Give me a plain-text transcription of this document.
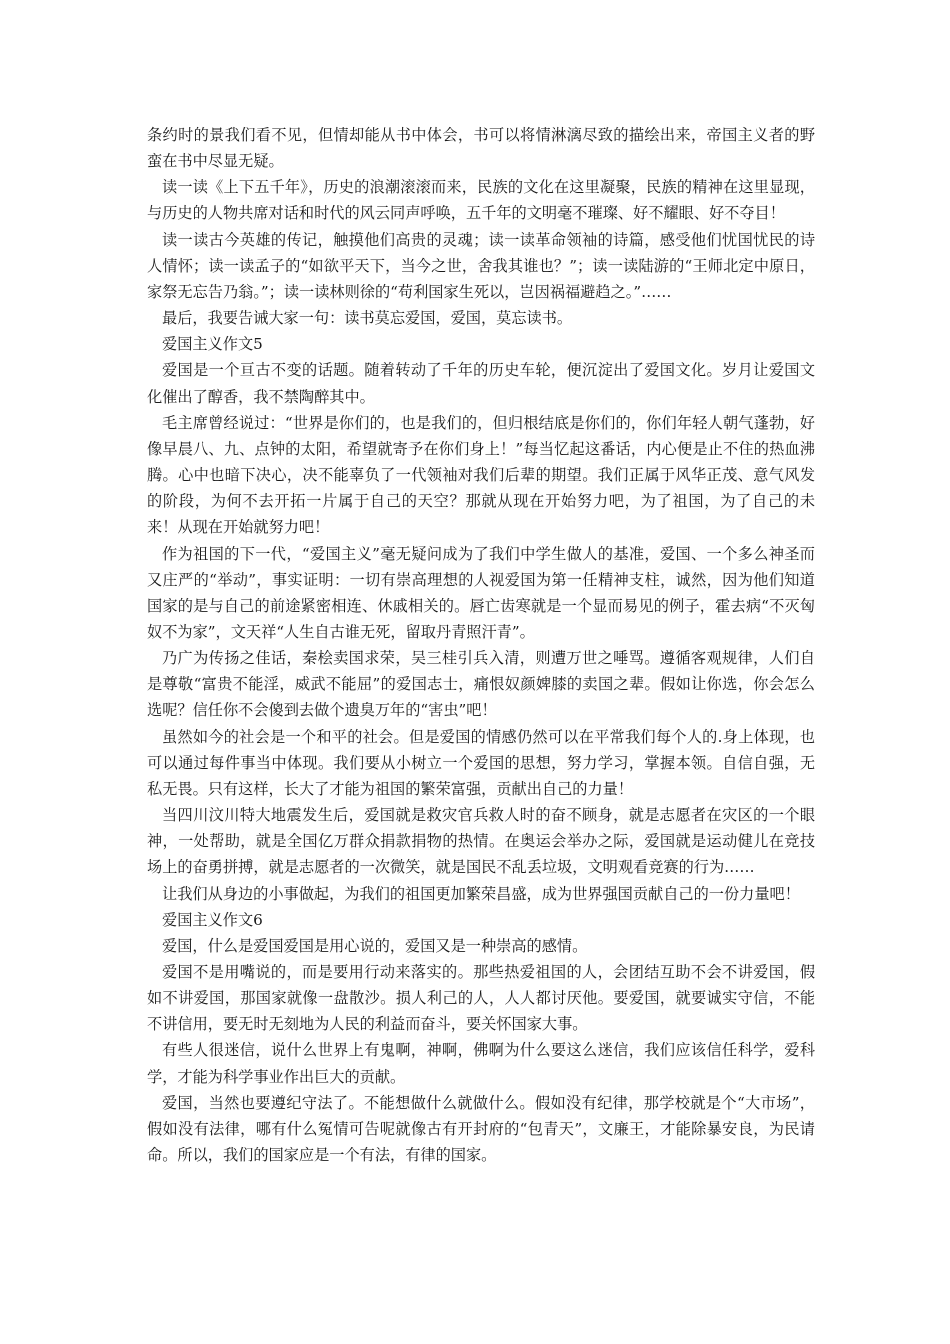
条约时的景我们看不见，但情却能从书中体会，书可以将情淋漓尽致的描绘出来，帝国主义者的野蛮在书中尽显无疑。

读一读《上下五千年》，历史的浪潮滚滚而来，民族的文化在这里凝聚，民族的精神在这里显现，与历史的人物共席对话和时代的风云同声呼唤，五千年的文明毫不璀璨、好不耀眼、好不夺目！

读一读古今英雄的传记，触摸他们高贵的灵魂；读一读革命领袖的诗篇，感受他们忧国忧民的诗人情怀；读一读孟子的“如欲平天下，当今之世，舍我其谁也？”；读一读陆游的“王师北定中原日，家祭无忘告乃翁。”；读一读林则徐的“苟利国家生死以，岂因祸福避趋之。”……

最后，我要告诫大家一句：读书莫忘爱国，爱国，莫忘读书。

爱国主义作文5

爱国是一个亘古不变的话题。随着转动了千年的历史车轮，便沉淀出了爱国文化。岁月让爱国文化催出了醇香，我不禁陶醉其中。

毛主席曾经说过：“世界是你们的，也是我们的，但归根结底是你们的，你们年轻人朝气蓬勃，好像早晨八、九、点钟的太阳，希望就寄予在你们身上！”每当忆起这番话，内心便是止不住的热血沸腾。心中也暗下决心，决不能辜负了一代领袖对我们后辈的期望。我们正属于风华正茂、意气风发的阶段，为何不去开拓一片属于自己的天空？那就从现在开始努力吧，为了祖国，为了自己的未来！从现在开始就努力吧！

作为祖国的下一代，“爱国主义”毫无疑问成为了我们中学生做人的基准，爱国、一个多么神圣而又庄严的“举动”，事实证明：一切有崇高理想的人视爱国为第一任精神支柱，诚然，因为他们知道国家的是与自己的前途紧密相连、休戚相关的。唇亡齿寒就是一个显而易见的例子，霍去病“不灭匈奴不为家”，文天祥“人生自古谁无死，留取丹青照汗青”。

乃广为传扬之佳话，秦桧卖国求荣，吴三桂引兵入清，则遭万世之唾骂。遵循客观规律，人们自是尊敬“富贵不能淫，威武不能屈”的爱国志士，痛恨奴颜婢膝的卖国之辈。假如让你选，你会怎么选呢？信任你不会傻到去做个遗臭万年的“害虫”吧！

虽然如今的社会是一个和平的社会。但是爱国的情感仍然可以在平常我们每个人的.身上体现，也可以通过每件事当中体现。我们要从小树立一个爱国的思想，努力学习，掌握本领。自信自强，无私无畏。只有这样，长大了才能为祖国的繁荣富强，贡献出自己的力量！

当四川汶川特大地震发生后，爱国就是救灾官兵救人时的奋不顾身，就是志愿者在灾区的一个眼神，一处帮助，就是全国亿万群众捐款捐物的热情。在奥运会举办之际，爱国就是运动健儿在竞技场上的奋勇拼搏，就是志愿者的一次微笑，就是国民不乱丢垃圾，文明观看竞赛的行为……

让我们从身边的小事做起，为我们的祖国更加繁荣昌盛，成为世界强国贡献自己的一份力量吧！

爱国主义作文6

爱国，什么是爱国爱国是用心说的，爱国又是一种崇高的感情。

爱国不是用嘴说的，而是要用行动来落实的。那些热爱祖国的人，会团结互助不会不讲爱国，假如不讲爱国，那国家就像一盘散沙。损人利己的人，人人都讨厌他。要爱国，就要诚实守信，不能不讲信用，要无时无刻地为人民的利益而奋斗，要关怀国家大事。

有些人很迷信，说什么世界上有鬼啊，神啊，佛啊为什么要这么迷信，我们应该信任科学，爱科学，才能为科学事业作出巨大的贡献。

爱国，当然也要遵纪守法了。不能想做什么就做什么。假如没有纪律，那学校就是个“大市场”，假如没有法律，哪有什么冤情可告呢就像古有开封府的“包青天”，文廉王，才能除暴安良，为民请命。所以，我们的国家应是一个有法，有律的国家。
